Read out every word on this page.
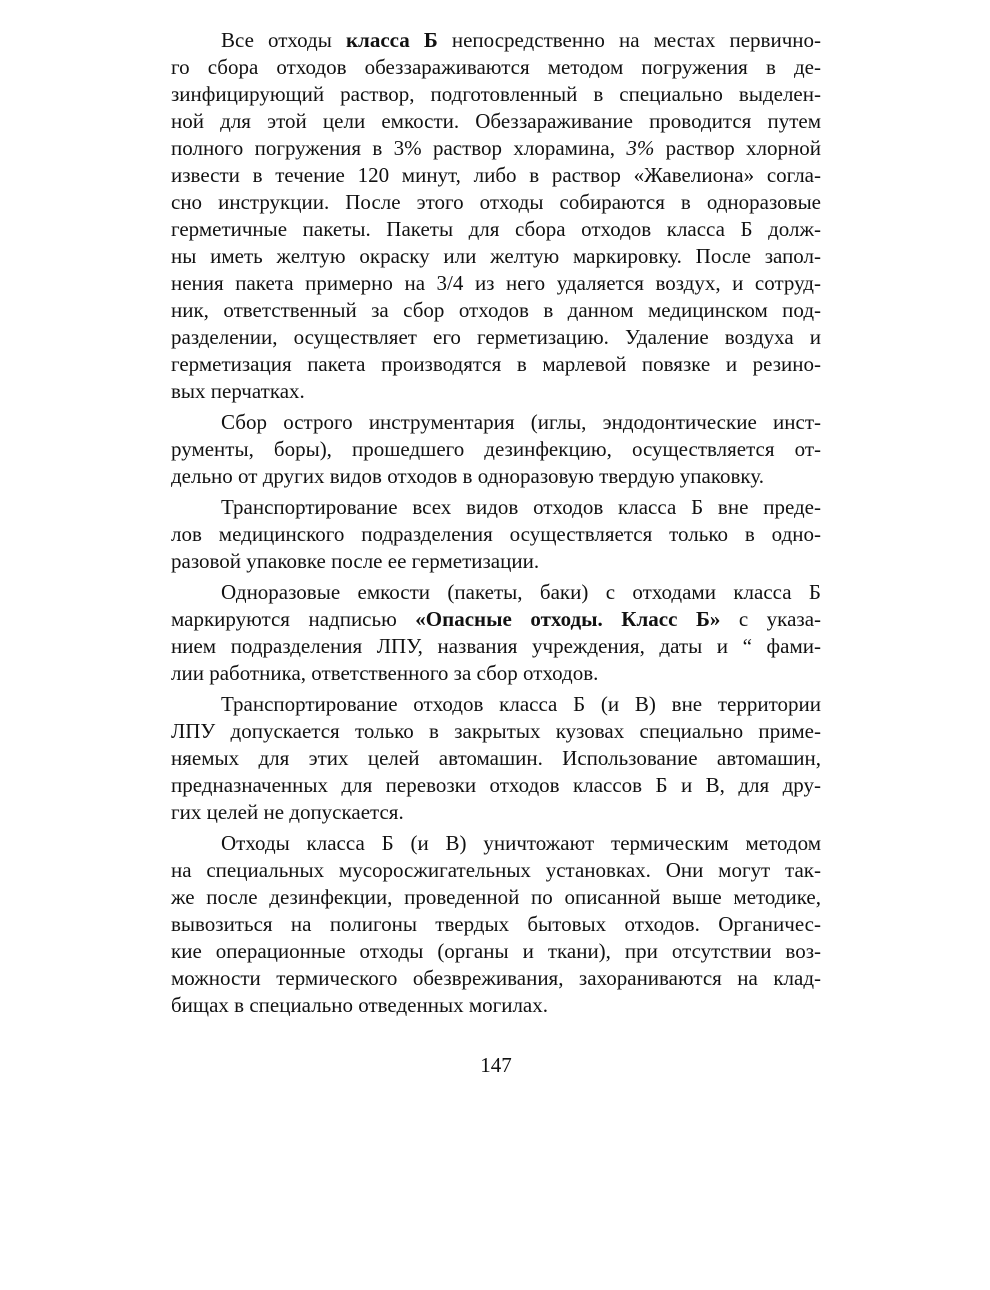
Все отходы класса Б непосредственно на местах первично-
го сбора отходов обеззараживаются методом погружения в де-
зинфицирующий раствор, подготовленный в специально выделен-
ной для этой цели емкости. Обеззараживание проводится путем
полного погружения в 3% раствор хлорамина, 3% раствор хлорной
извести в течение 120 минут, либо в раствор «Жавелиона» согла-
сно инструкции. После этого отходы собираются в одноразовые
герметичные пакеты. Пакеты для сбора отходов класса Б долж-
ны иметь желтую окраску или желтую маркировку. После запол-
нения пакета примерно на 3/4 из него удаляется воздух, и сотруд-
ник, ответственный за сбор отходов в данном медицинском под-
разделении, осуществляет его герметизацию. Удаление воздуха и
герметизация пакета производятся в марлевой повязке и резино-
вых перчатках.
Сбор острого инструментария (иглы, эндодонтические инст-
рументы, боры), прошедшего дезинфекцию, осуществляется от-
дельно от других видов отходов в одноразовую твердую упаковку.
Транспортирование всех видов отходов класса Б вне преде-
лов медицинского подразделения осуществляется только в одно-
разовой упаковке после ее герметизации.
Одноразовые емкости (пакеты, баки) с отходами класса Б
маркируются надписью «Опасные отходы. Класс Б» с указа-
нием подразделения ЛПУ, названия учреждения, даты и “ фами-
лии работника, ответственного за сбор отходов.
Транспортирование отходов класса Б (и В) вне территории
ЛПУ допускается только в закрытых кузовах специально приме-
няемых для этих целей автомашин. Использование автомашин,
предназначенных для перевозки отходов классов Б и В, для дру-
гих целей не допускается.
Отходы класса Б (и В) уничтожают термическим методом
на специальных мусоросжигательных установках. Они могут так-
же после дезинфекции, проведенной по описанной выше методике,
вывозиться на полигоны твердых бытовых отходов. Органичес-
кие операционные отходы (органы и ткани), при отсутствии воз-
можности термического обезвреживания, захораниваются на клад-
бищах в специально отведенных могилах.
147
